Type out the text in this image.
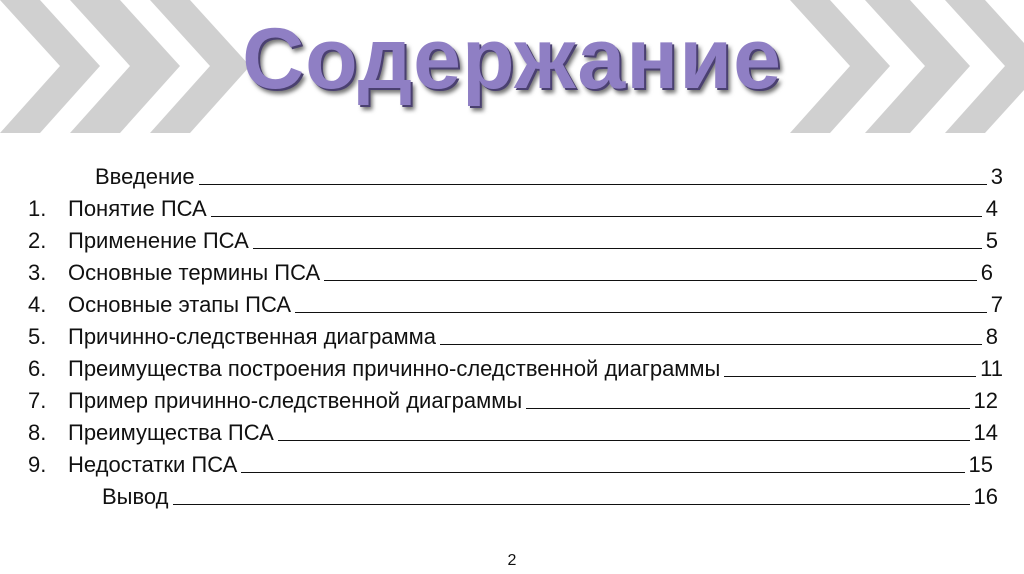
Содержание
Введение	3
1. Понятие ПСА	4
2. Применение ПСА	5
3. Основные термины ПСА	6
4. Основные этапы ПСА	7
5. Причинно-следственная диаграмма	8
6. Преимущества построения причинно-следственной диаграммы	11
7. Пример причинно-следственной диаграммы	12
8. Преимущества ПСА	14
9. Недостатки ПСА	15
Вывод	16
2
